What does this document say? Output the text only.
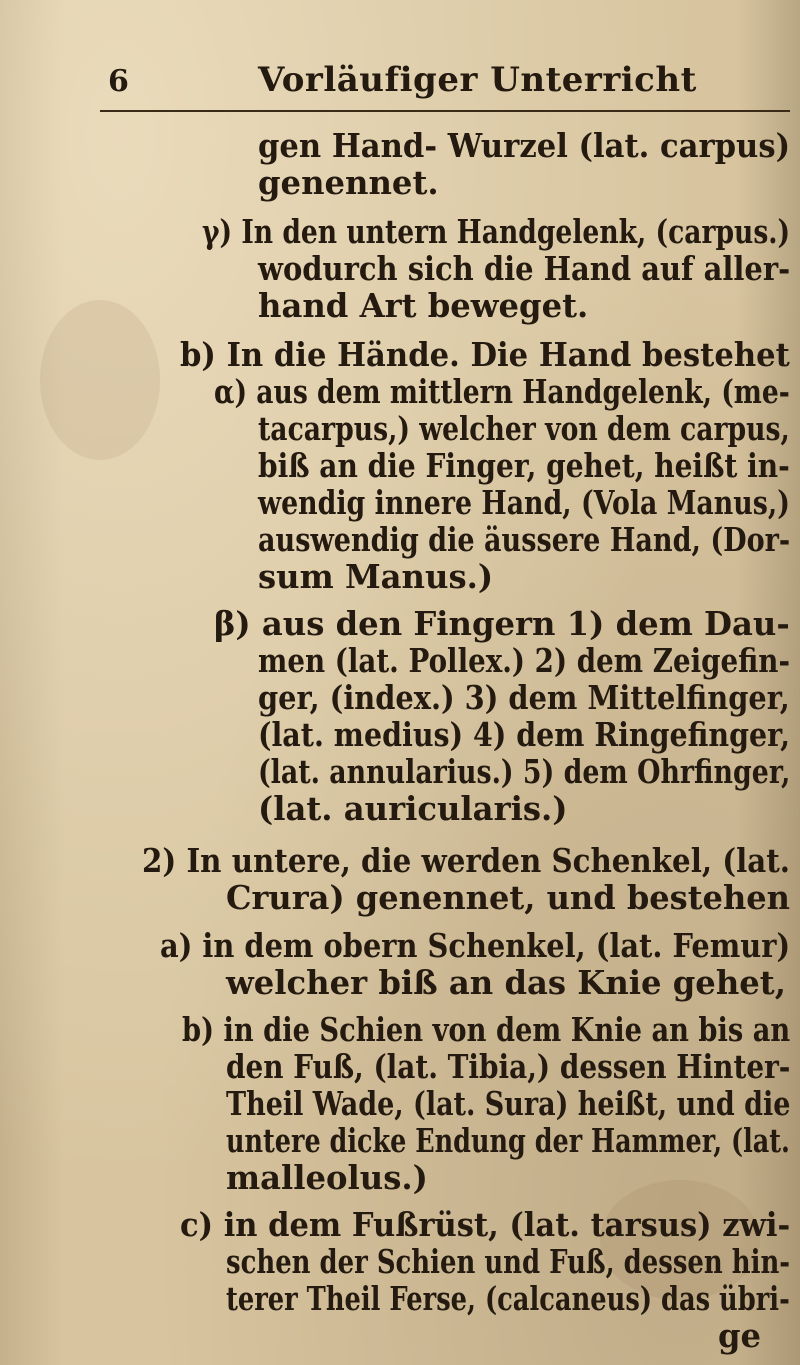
6	Vorläufiger Unterricht
gen Hand- Wurzel (lat. carpus)
genennet.
γ) In den untern Handgelenk, (carpus.)
wodurch sich die Hand auf aller-
hand Art beweget.
b) In die Hände. Die Hand bestehet
α) aus dem mittlern Handgelenk, (me-
tacarpus,) welcher von dem carpus,
biß an die Finger, gehet, heißt in-
wendig innere Hand, (Vola Manus,)
auswendig die äussere Hand, (Dor-
sum Manus.)
β) aus den Fingern 1) dem Dau-
men (lat. Pollex.) 2) dem Zeigefin-
ger, (index.) 3) dem Mittelfinger,
(lat. medius) 4) dem Ringefinger,
(lat. annularius.) 5) dem Ohrfinger,
(lat. auricularis.)
2) In untere, die werden Schenkel, (lat.
Crura) genennet, und bestehen
a) in dem obern Schenkel, (lat. Femur)
welcher biß an das Knie gehet,
b) in die Schien von dem Knie an bis an
den Fuß, (lat. Tibia,) dessen Hinter-
Theil Wade, (lat. Sura) heißt, und die
untere dicke Endung der Hammer, (lat.
malleolus.)
c) in dem Fußrüst, (lat. tarsus) zwi-
schen der Schien und Fuß, dessen hin-
terer Theil Ferse, (calcaneus) das übri-
ge
